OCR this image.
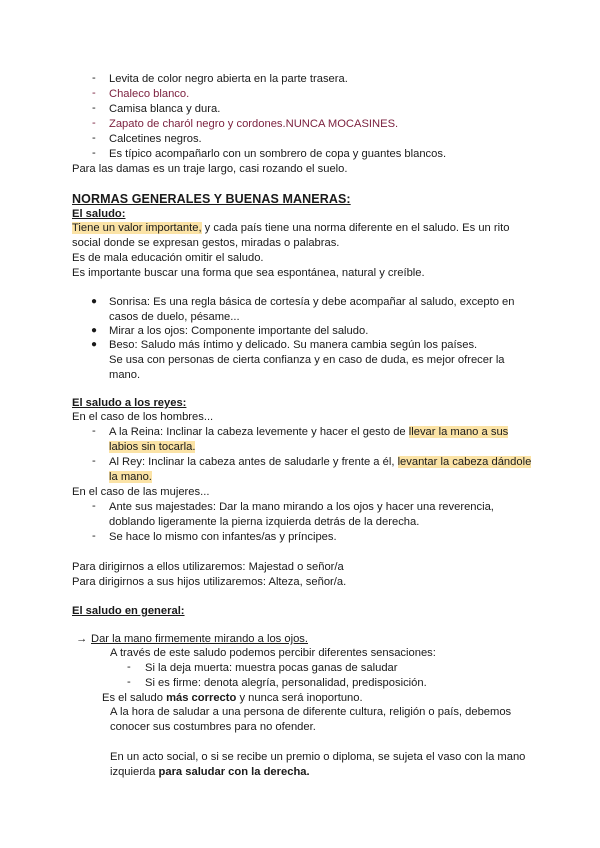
- Levita de color negro abierta en la parte trasera.
- Chaleco blanco.
- Camisa blanca y dura.
- Zapato de charól negro y cordones.NUNCA MOCASINES.
- Calcetines negros.
- Es típico acompañarlo con un sombrero de copa y guantes blancos.
Para las damas es un traje largo, casi rozando el suelo.
NORMAS GENERALES Y BUENAS MANERAS:
El saludo:
Tiene un valor importante, y cada país tiene una norma diferente en el saludo. Es un rito
social donde se expresan gestos, miradas o palabras.
Es de mala educación omitir el saludo.
Es importante buscar una forma que sea espontánea, natural y creíble.
● Sonrisa: Es una regla básica de cortesía y debe acompañar al saludo, excepto en
casos de duelo, pésame...
● Mirar a los ojos: Componente importante del saludo.
● Beso: Saludo más íntimo y delicado. Su manera cambia según los países.
Se usa con personas de cierta confianza y en caso de duda, es mejor ofrecer la
mano.
El saludo a los reyes:
En el caso de los hombres...
- A la Reina: Inclinar la cabeza levemente y hacer el gesto de llevar la mano a sus
labios sin tocarla.
- Al Rey: Inclinar la cabeza antes de saludarle y frente a él, levantar la cabeza dándole
la mano.
En el caso de las mujeres...
- Ante sus majestades: Dar la mano mirando a los ojos y hacer una reverencia,
doblando ligeramente la pierna izquierda detrás de la derecha.
- Se hace lo mismo con infantes/as y príncipes.
Para dirigirnos a ellos utilizaremos: Majestad o señor/a
Para dirigirnos a sus hijos utilizaremos: Alteza, señor/a.
El saludo en general:
→ Dar la mano firmemente mirando a los ojos.
A través de este saludo podemos percibir diferentes sensaciones:
- Si la deja muerta: muestra pocas ganas de saludar
- Si es firme: denota alegría, personalidad, predisposición.
Es el saludo más correcto y nunca será inoportuno.
A la hora de saludar a una persona de diferente cultura, religión o país, debemos
conocer sus costumbres para no ofender.
En un acto social, o si se recibe un premio o diploma, se sujeta el vaso con la mano
izquierda para saludar con la derecha.
